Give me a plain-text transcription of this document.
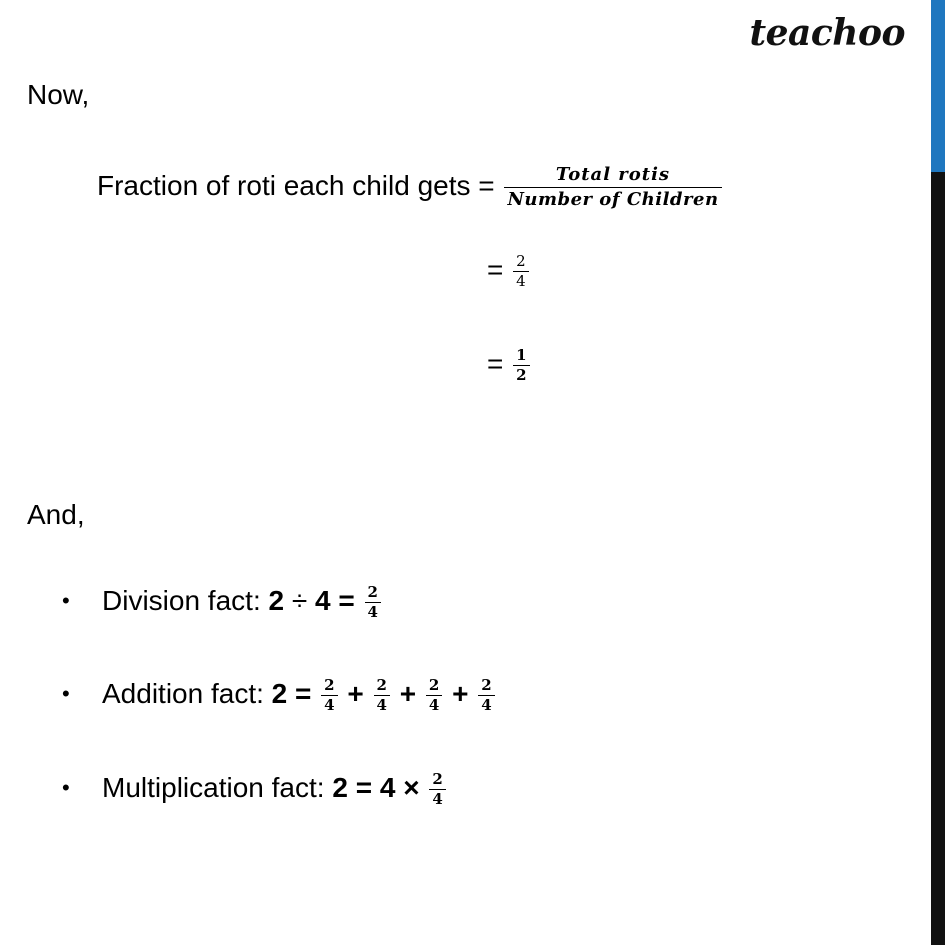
teachoo
Now,
Fraction of roti each child gets = $\frac{\text{Total rotis}}{\text{Number of Children}}$
= $\frac{2}{4}$
= $\frac{1}{2}$
And,
• Division fact: $2 \div 4 = \frac{2}{4}$
• Addition fact: $2 = \frac{2}{4} + \frac{2}{4} + \frac{2}{4} + \frac{2}{4}$
• Multiplication fact: $2 = 4 \times \frac{2}{4}$
